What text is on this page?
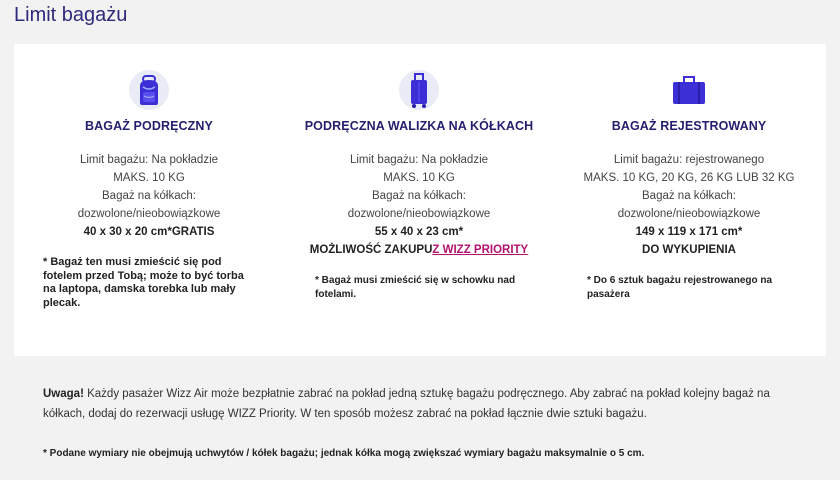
Limit bagażu
BAGAŻ PODRĘCZNY
Limit bagażu: Na pokładzie
MAKS. 10 KG
Bagaż na kółkach:
dozwolone/nieobowiązkowe
40 x 30 x 20 cm*GRATIS
* Bagaż ten musi zmieścić się pod fotelem przed Tobą; może to być torba na laptopa, damska torebka lub mały plecak.
PODRĘCZNA WALIZKA NA KÓŁKACH
Limit bagażu: Na pokładzie
MAKS. 10 KG
Bagaż na kółkach:
dozwolone/nieobowiązkowe
55 x 40 x 23 cm*
MOŻLIWOŚĆ ZAKUPUZ WIZZ PRIORITY
* Bagaż musi zmieścić się w schowku nad fotelami.
BAGAŻ REJESTROWANY
Limit bagażu: rejestrowanego
MAKS. 10 KG, 20 KG, 26 KG LUB 32 KG
Bagaż na kółkach:
dozwolone/nieobowiązkowe
149 x 119 x 171 cm*
DO WYKUPIENIA
* Do 6 sztuk bagażu rejestrowanego na pasażera
Uwaga! Każdy pasażer Wizz Air może bezpłatnie zabrać na pokład jedną sztukę bagażu podręcznego. Aby zabrać na pokład kolejny bagaż na kółkach, dodaj do rezerwacji usługę WIZZ Priority. W ten sposób możesz zabrać na pokład łącznie dwie sztuki bagażu.
* Podane wymiary nie obejmują uchwytów / kółek bagażu; jednak kółka mogą zwiększać wymiary bagażu maksymalnie o 5 cm.
